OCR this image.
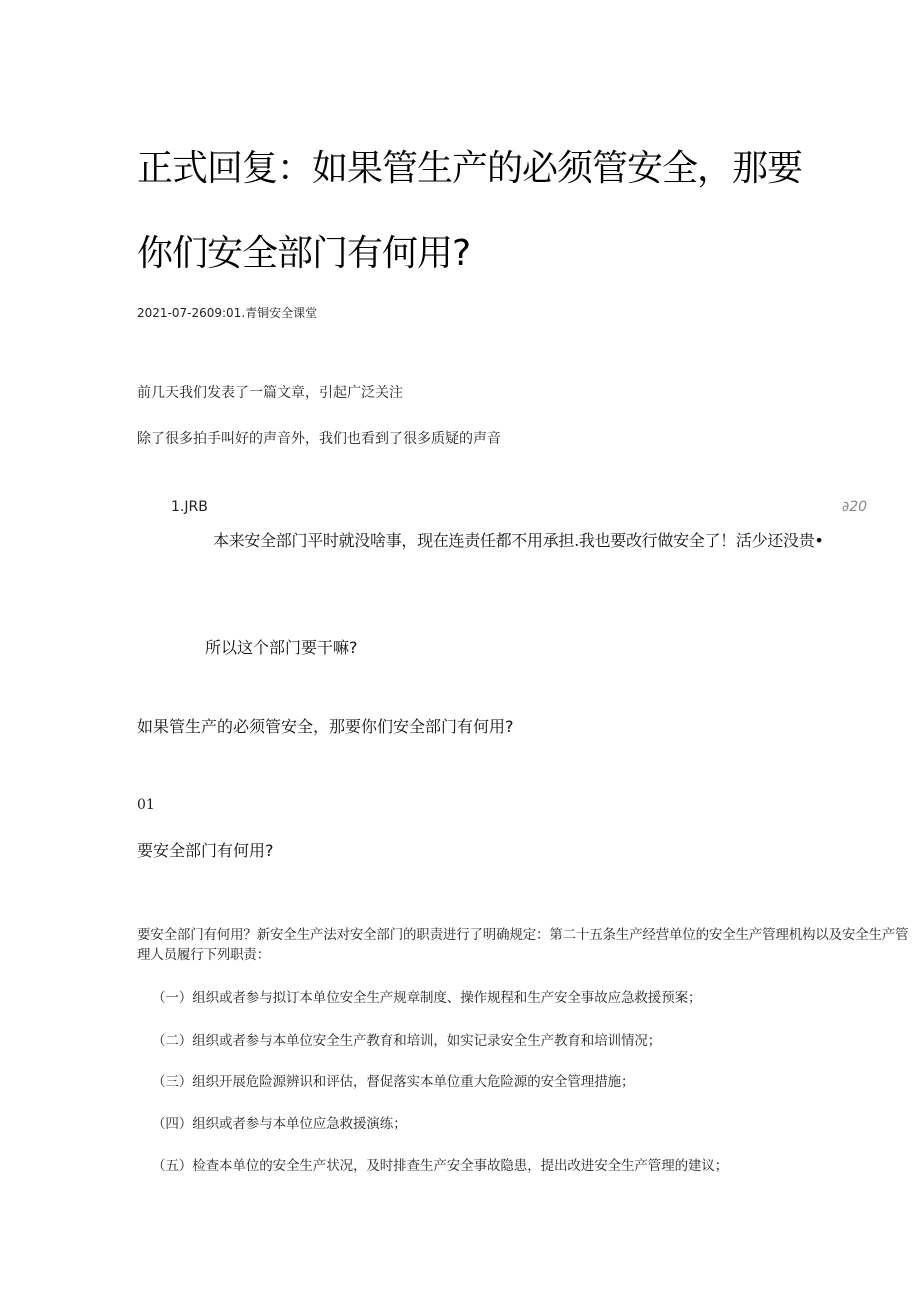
正式回复：如果管生产的必须管安全，那要
你们安全部门有何用?
2021-07-2609:01.青铜安全课堂
前几天我们发表了一篇文章，引起广泛关注
除了很多拍手叫好的声音外，我们也看到了很多质疑的声音
1.JRB	∂20
本来安全部门平时就没啥事，现在连责任都不用承担.我也要改行做安全了！活少还没贵•
所以这个部门要干嘛?
如果管生产的必须管安全，那要你们安全部门有何用?
01
要安全部门有何用?
要安全部门有何用？新安全生产法对安全部门的职责进行了明确规定：第二十五条生产经营单位的安全生产管理机构以及安全生产管理人员履行下列职责：
（一）组织或者参与拟订本单位安全生产规章制度、操作规程和生产安全事故应急救援预案；
（二）组织或者参与本单位安全生产教育和培训，如实记录安全生产教育和培训情况；
（三）组织开展危险源辨识和评估，督促落实本单位重大危险源的安全管理措施；
（四）组织或者参与本单位应急救援演练；
（五）检查本单位的安全生产状况，及时排查生产安全事故隐患，提出改进安全生产管理的建议；
